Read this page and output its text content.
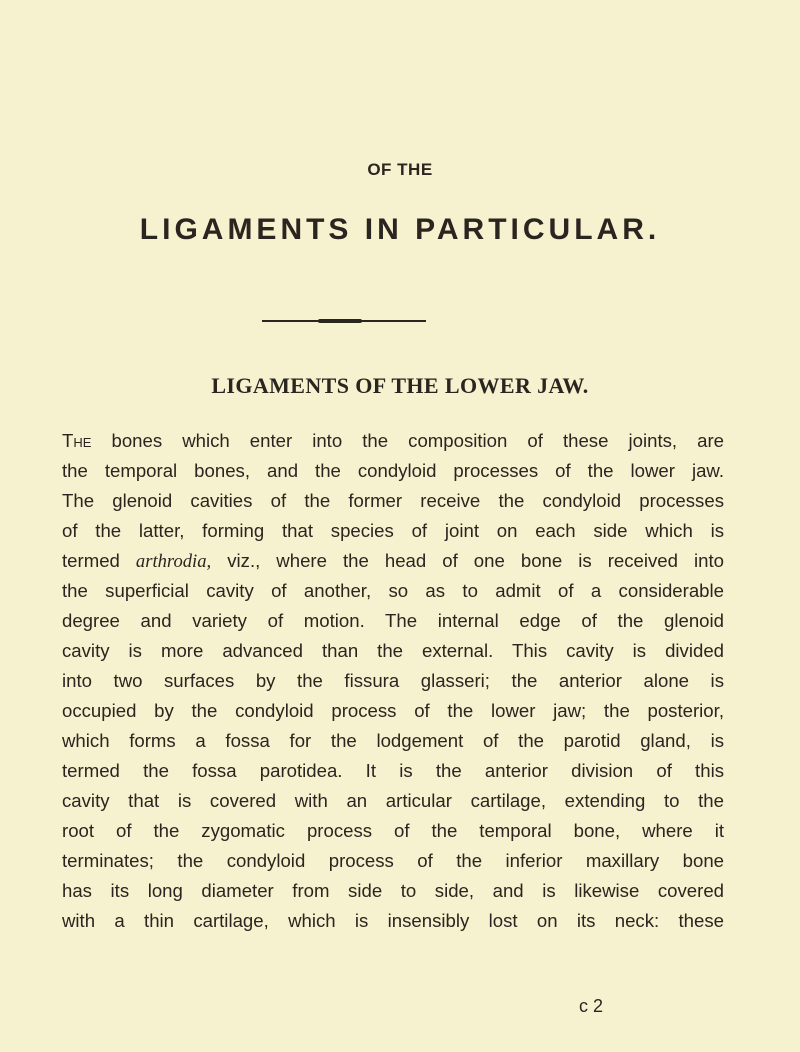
OF THE
LIGAMENTS IN PARTICULAR.
LIGAMENTS OF THE LOWER JAW.
The bones which enter into the composition of these joints, are
the temporal bones, and the condyloid processes of the lower jaw.
The glenoid cavities of the former receive the condyloid processes
of the latter, forming that species of joint on each side which is
termed arthrodia, viz., where the head of one bone is received into
the superficial cavity of another, so as to admit of a considerable
degree and variety of motion. The internal edge of the glenoid
cavity is more advanced than the external. This cavity is divided
into two surfaces by the fissura glasseri; the anterior alone is
occupied by the condyloid process of the lower jaw; the posterior,
which forms a fossa for the lodgement of the parotid gland, is
termed the fossa parotidea. It is the anterior division of this
cavity that is covered with an articular cartilage, extending to the
root of the zygomatic process of the temporal bone, where it
terminates; the condyloid process of the inferior maxillary bone
has its long diameter from side to side, and is likewise covered
with a thin cartilage, which is insensibly lost on its neck: these
c 2
